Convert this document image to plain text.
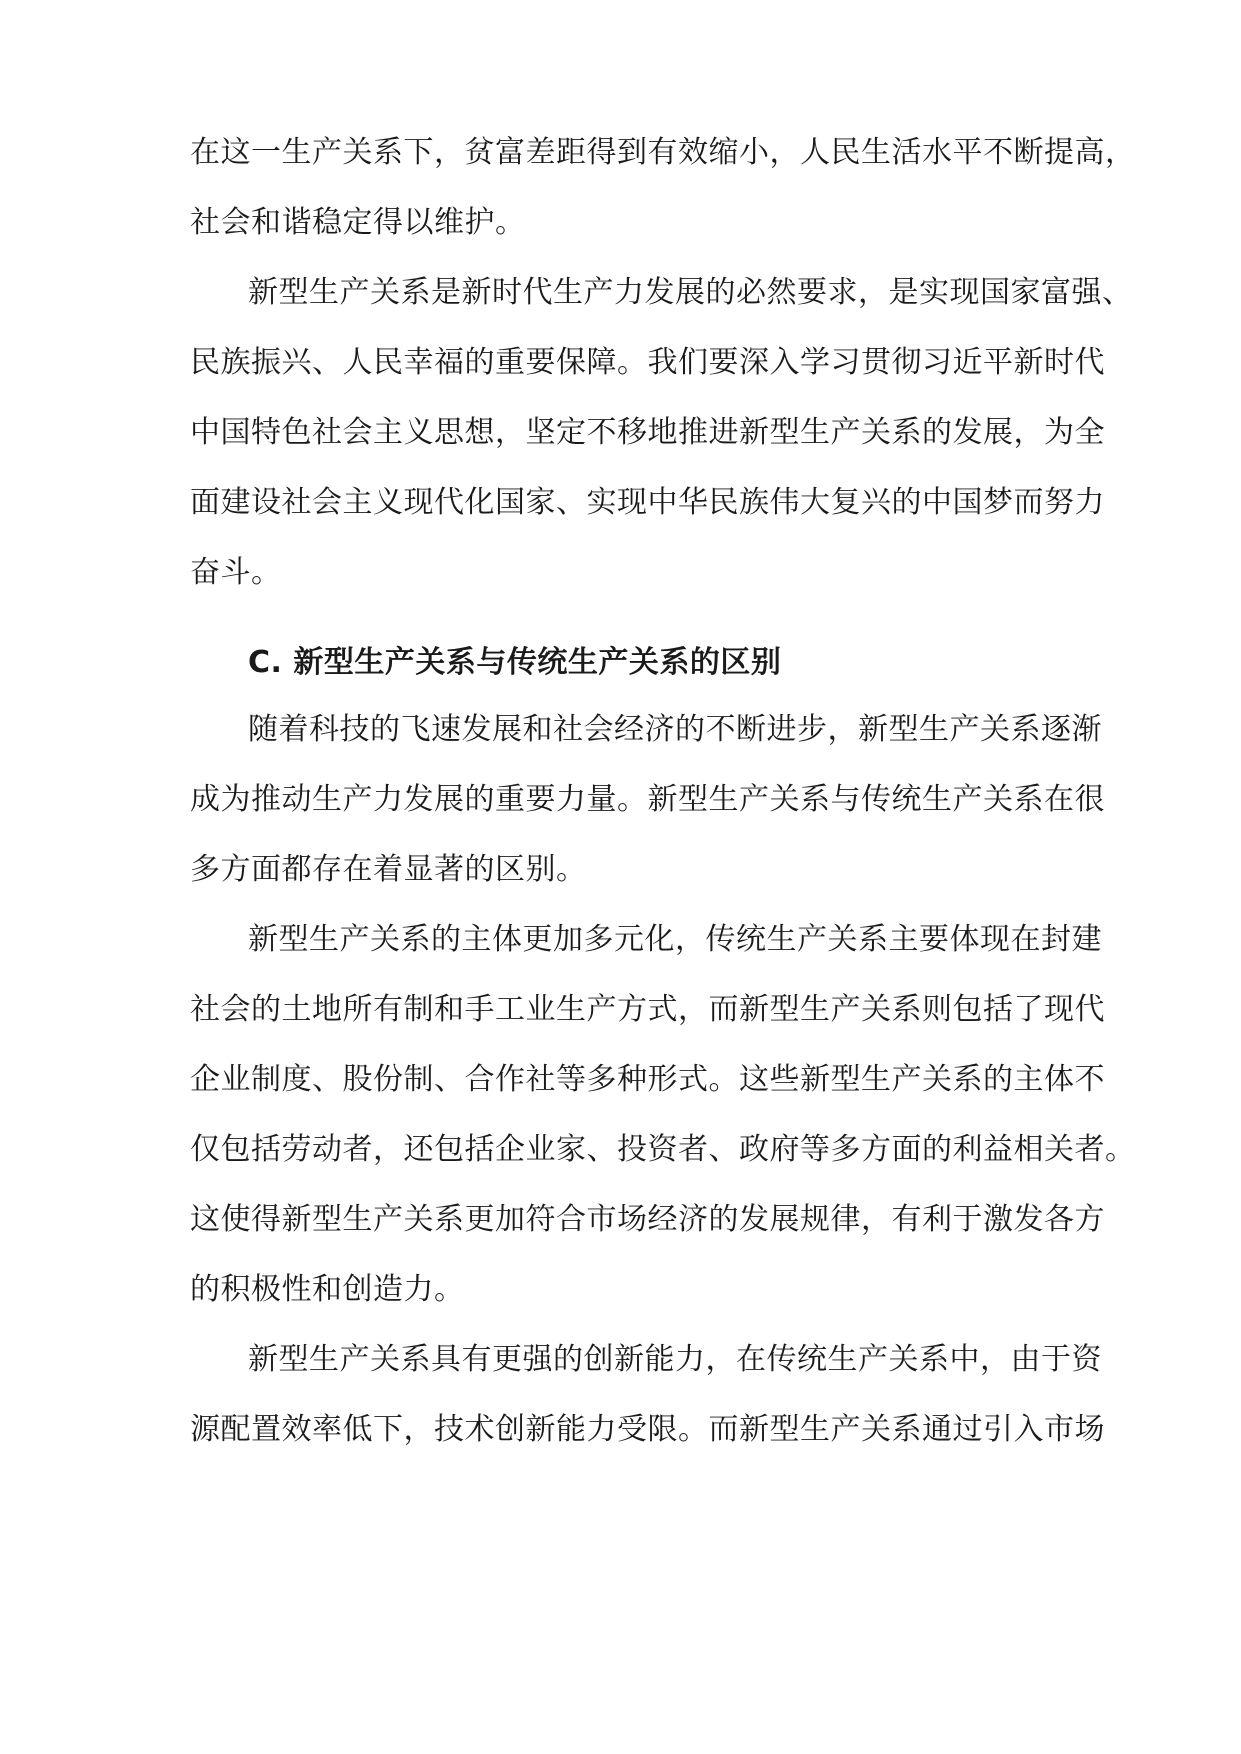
在这一生产关系下，贫富差距得到有效缩小，人民生活水平不断提高，
社会和谐稳定得以维护。
新型生产关系是新时代生产力发展的必然要求，是实现国家富强、
民族振兴、人民幸福的重要保障。我们要深入学习贯彻习近平新时代
中国特色社会主义思想，坚定不移地推进新型生产关系的发展，为全
面建设社会主义现代化国家、实现中华民族伟大复兴的中国梦而努力
奋斗。
C. 新型生产关系与传统生产关系的区别
随着科技的飞速发展和社会经济的不断进步，新型生产关系逐渐
成为推动生产力发展的重要力量。新型生产关系与传统生产关系在很
多方面都存在着显著的区别。
新型生产关系的主体更加多元化，传统生产关系主要体现在封建
社会的土地所有制和手工业生产方式，而新型生产关系则包括了现代
企业制度、股份制、合作社等多种形式。这些新型生产关系的主体不
仅包括劳动者，还包括企业家、投资者、政府等多方面的利益相关者。
这使得新型生产关系更加符合市场经济的发展规律，有利于激发各方
的积极性和创造力。
新型生产关系具有更强的创新能力，在传统生产关系中，由于资
源配置效率低下，技术创新能力受限。而新型生产关系通过引入市场
